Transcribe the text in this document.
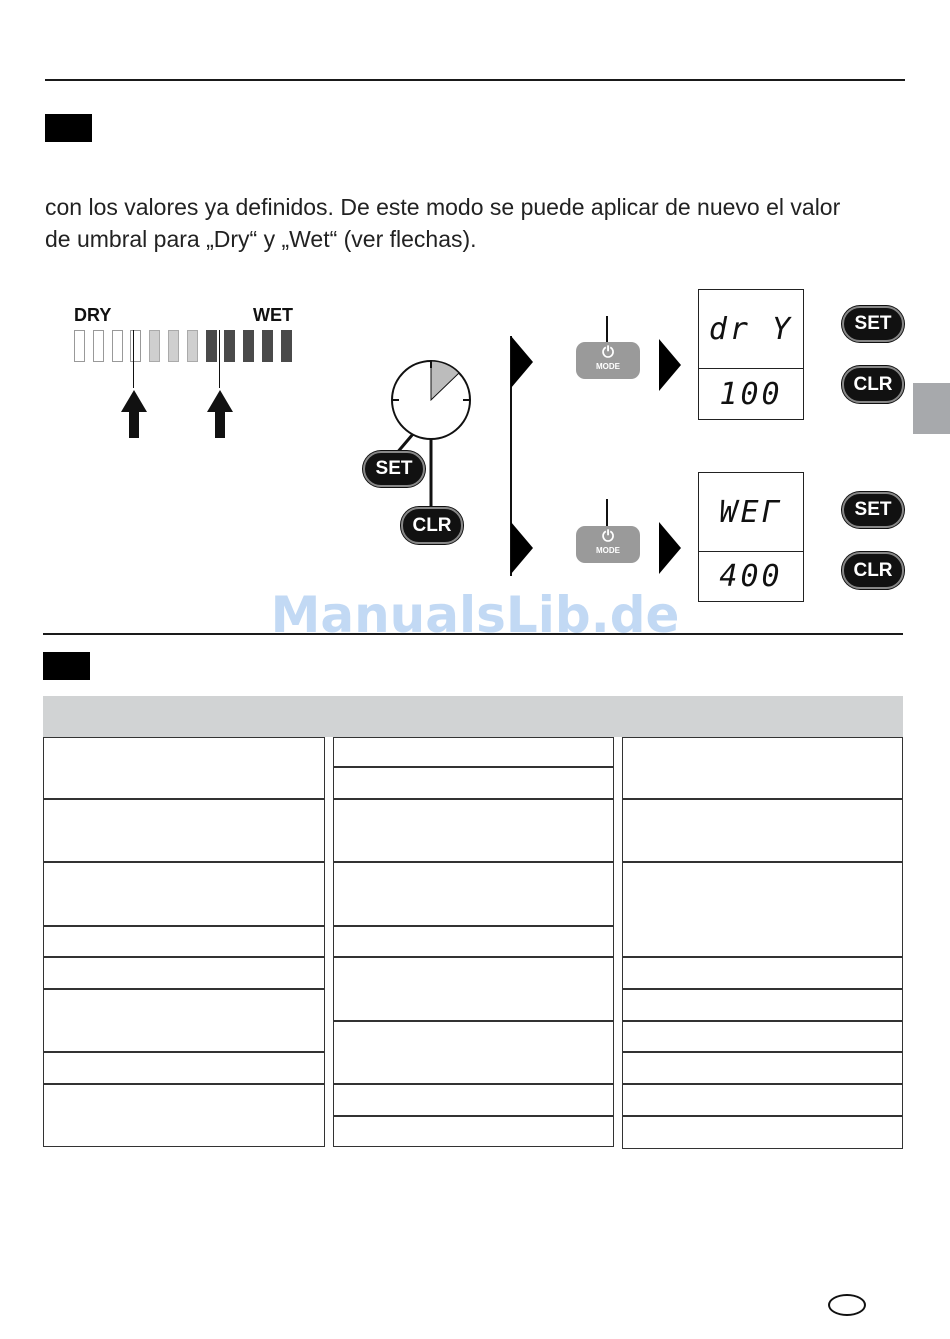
con los valores ya definidos. De este modo se puede aplicar de nuevo el valor
de umbral para „Dry“ y „Wet“ (ver flechas).
DRY	WET
SET
CLR
⏻
MODE
dr Y
100
SET
CLR
⏻
MODE
WEΓ
400
SET
CLR
ManualsLib.de
